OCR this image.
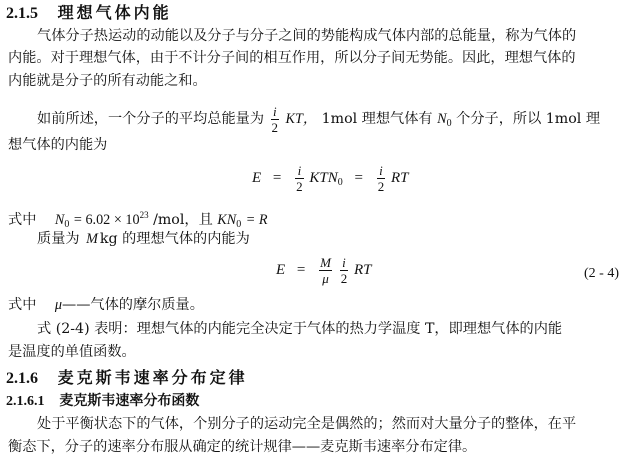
2.1.5 理想气体内能
气体分子热运动的动能以及分子与分子之间的势能构成气体内部的总能量，称为气体的
内能。对于理想气体，由于不计分子间的相互作用，所以分子间无势能。因此，理想气体的
内能就是分子的所有动能之和。
如前所述，一个分子的平均总能量为 $\frac{i}{2}$ KT， 1mol 理想气体有 $N_0$ 个分子，所以 1mol 理
想气体的内能为
$E = \frac{i}{2} KTN_0 = \frac{i}{2}$ RT
式中 $N_0 = 6.02 \times 10^{23}$ /mol，且 $KN_0 = R$
质量为 M kg 的理想气体的内能为
$E = \frac{M}{\mu}$
$\frac{i}{2}$ RT	(2 - 4)
式中 μ——气体的摩尔质量。
式 (2-4) 表明：理想气体的内能完全决定于气体的热力学温度 T，即理想气体的内能
是温度的单值函数。
2.1.6 麦克斯韦速率分布定律
2.1.6.1 麦克斯韦速率分布函数
处于平衡状态下的气体，个别分子的运动完全是偶然的；然而对大量分子的整体，在平
衡态下，分子的速率分布服从确定的统计规律——麦克斯韦速率分布定律。
